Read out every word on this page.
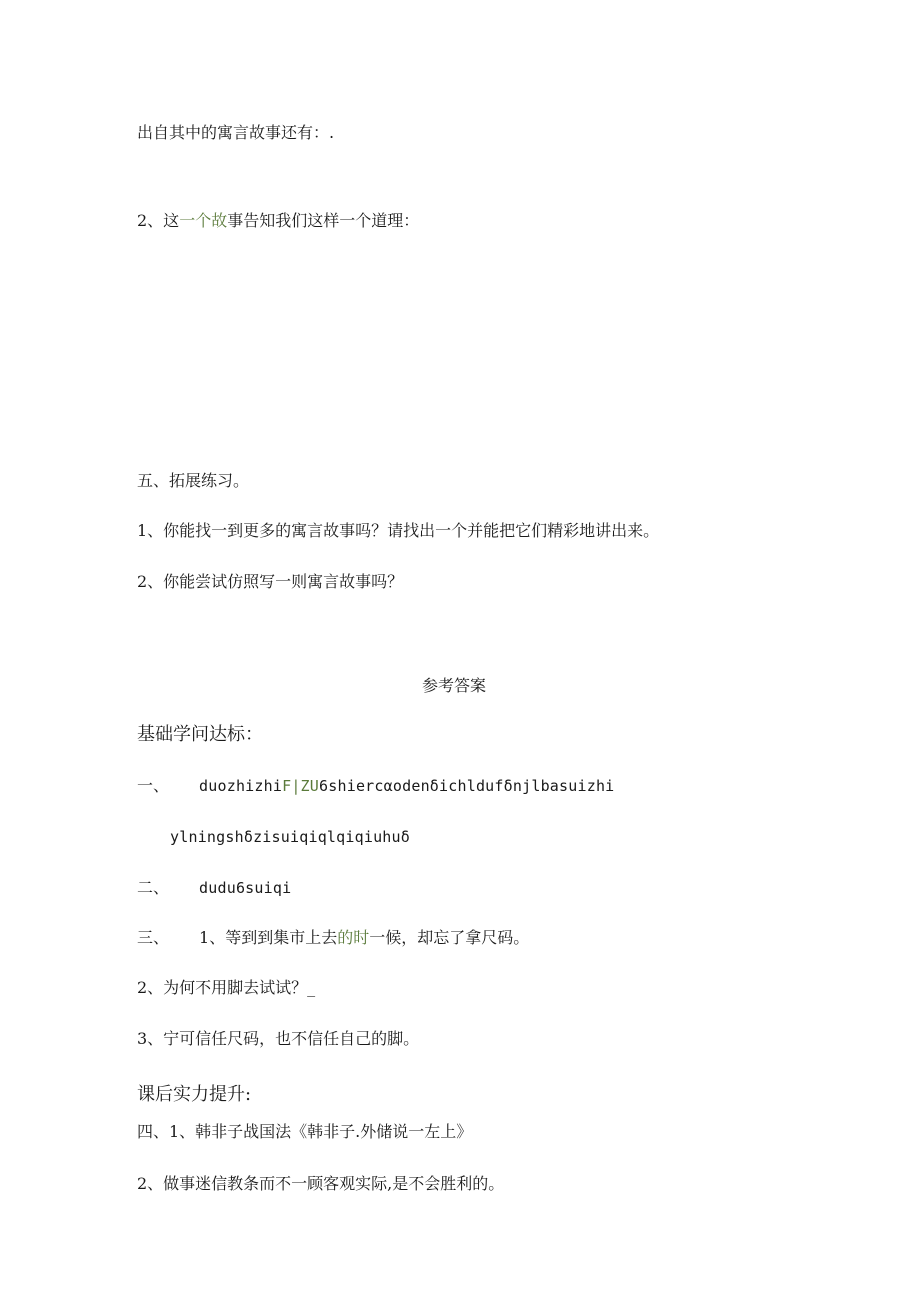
出自其中的寓言故事还有：.
2、这一个故事告知我们这样一个道理：
五、拓展练习。
1、你能找一到更多的寓言故事吗？请找出一个并能把它们精彩地讲出来。
2、你能尝试仿照写一则寓言故事吗？
参考答案
基础学问达标：
一、 duozhizhiF|ZU6shiercαodenδichldufδnjlbasuizhi
ylningshδzisuiqiqlqiqiuhuδ
二、 dudu6suiqi
三、 1、等到到集市上去的时一候，却忘了拿尺码。
2、为何不用脚去试试？_
3、宁可信任尺码，也不信任自己的脚。
课后实力提升:
四、1、韩非子战国法《韩非子.外储说一左上》
2、做事迷信教条而不一顾客观实际,是不会胜利的。
